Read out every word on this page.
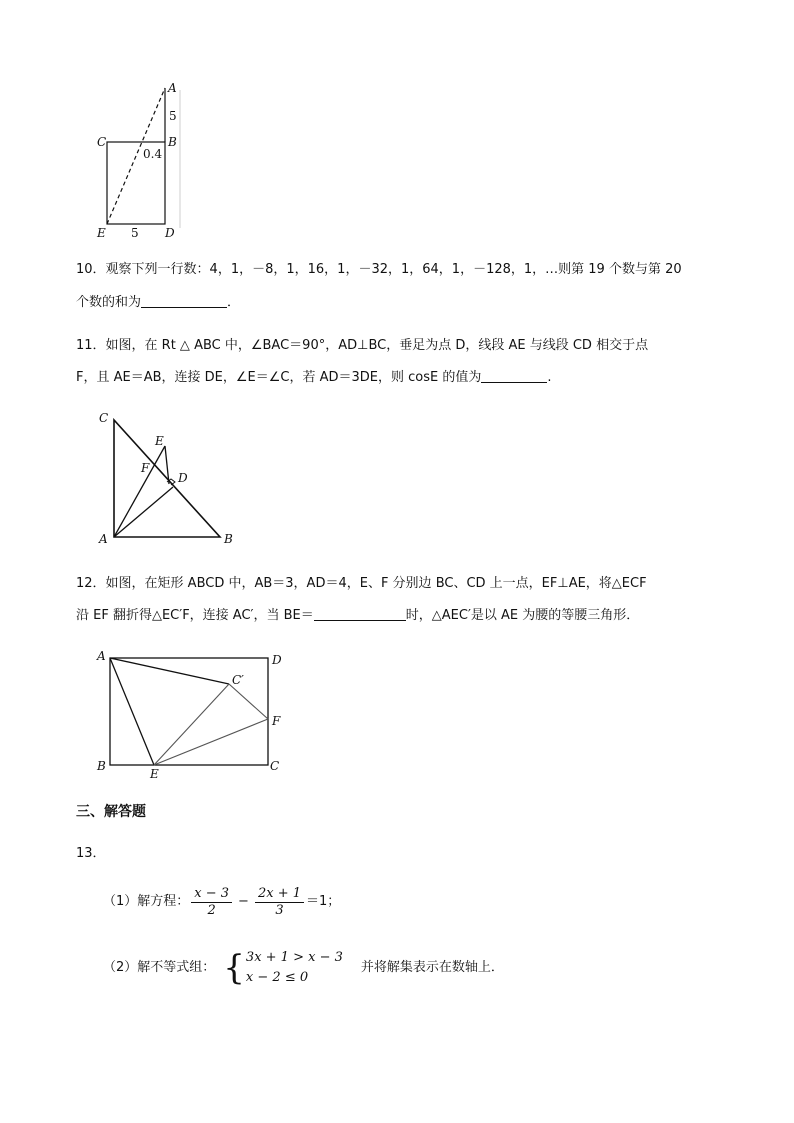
A
5
C	B
0.4
E 5 D
10．观察下列一行数：4，1，－8，1，16，1，－32，1，64，1，－128，1，…则第 19 个数与第 20
个数的和为	．
11．如图，在 Rt △ ABC 中，∠BAC＝90°，AD⊥BC，垂足为点 D，线段 AE 与线段 CD 相交于点
F，且 AE＝AB，连接 DE，∠E＝∠C，若 AD＝3DE，则 cosE 的值为	.
C
E
F
D
A	B
12．如图，在矩形 ABCD 中，AB＝3，AD＝4，E、F 分别边 BC、CD 上一点，EF⊥AE，将△ECF
沿 EF 翻折得△EC′F，连接 AC′，当 BE＝	时，△AEC′是以 AE 为腰的等腰三角形．
A	D
C′
F
B
E
C
三、解答题
13．
（1）解方程： $\frac{x - 3}{2} - \frac{2x + 1}{3} =1$；
（2）解不等式组： { 3x + 1 > x − 3
x − 2 ≤ 0
并将解集表示在数轴上．
